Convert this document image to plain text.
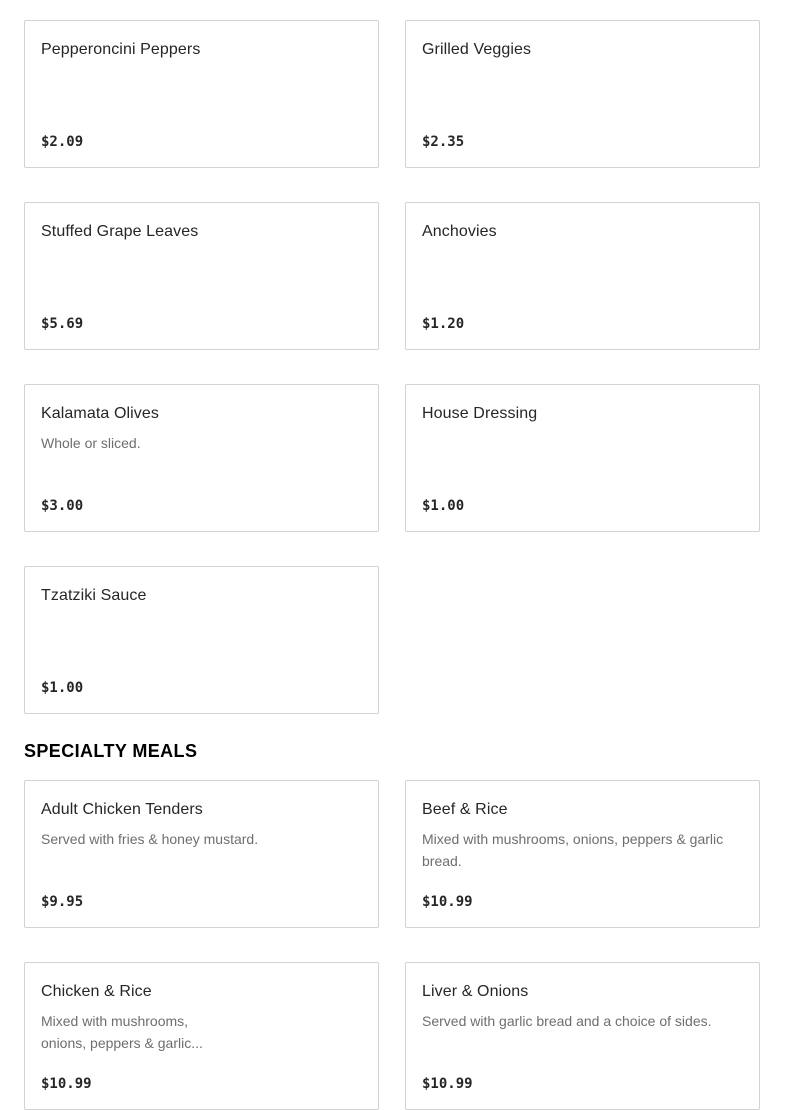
Pepperoncini Peppers
$2.09
Grilled Veggies
$2.35
Stuffed Grape Leaves
$5.69
Anchovies
$1.20
Kalamata Olives
Whole or sliced.
$3.00
House Dressing
$1.00
Tzatziki Sauce
$1.00
SPECIALTY MEALS
Adult Chicken Tenders
Served with fries & honey mustard.
$9.95
Beef & Rice
Mixed with mushrooms, onions, peppers & garlic bread.
$10.99
Chicken & Rice
Mixed with mushrooms, onions, peppers & garlic...
$10.99
Liver & Onions
Served with garlic bread and a choice of sides.
$10.99
